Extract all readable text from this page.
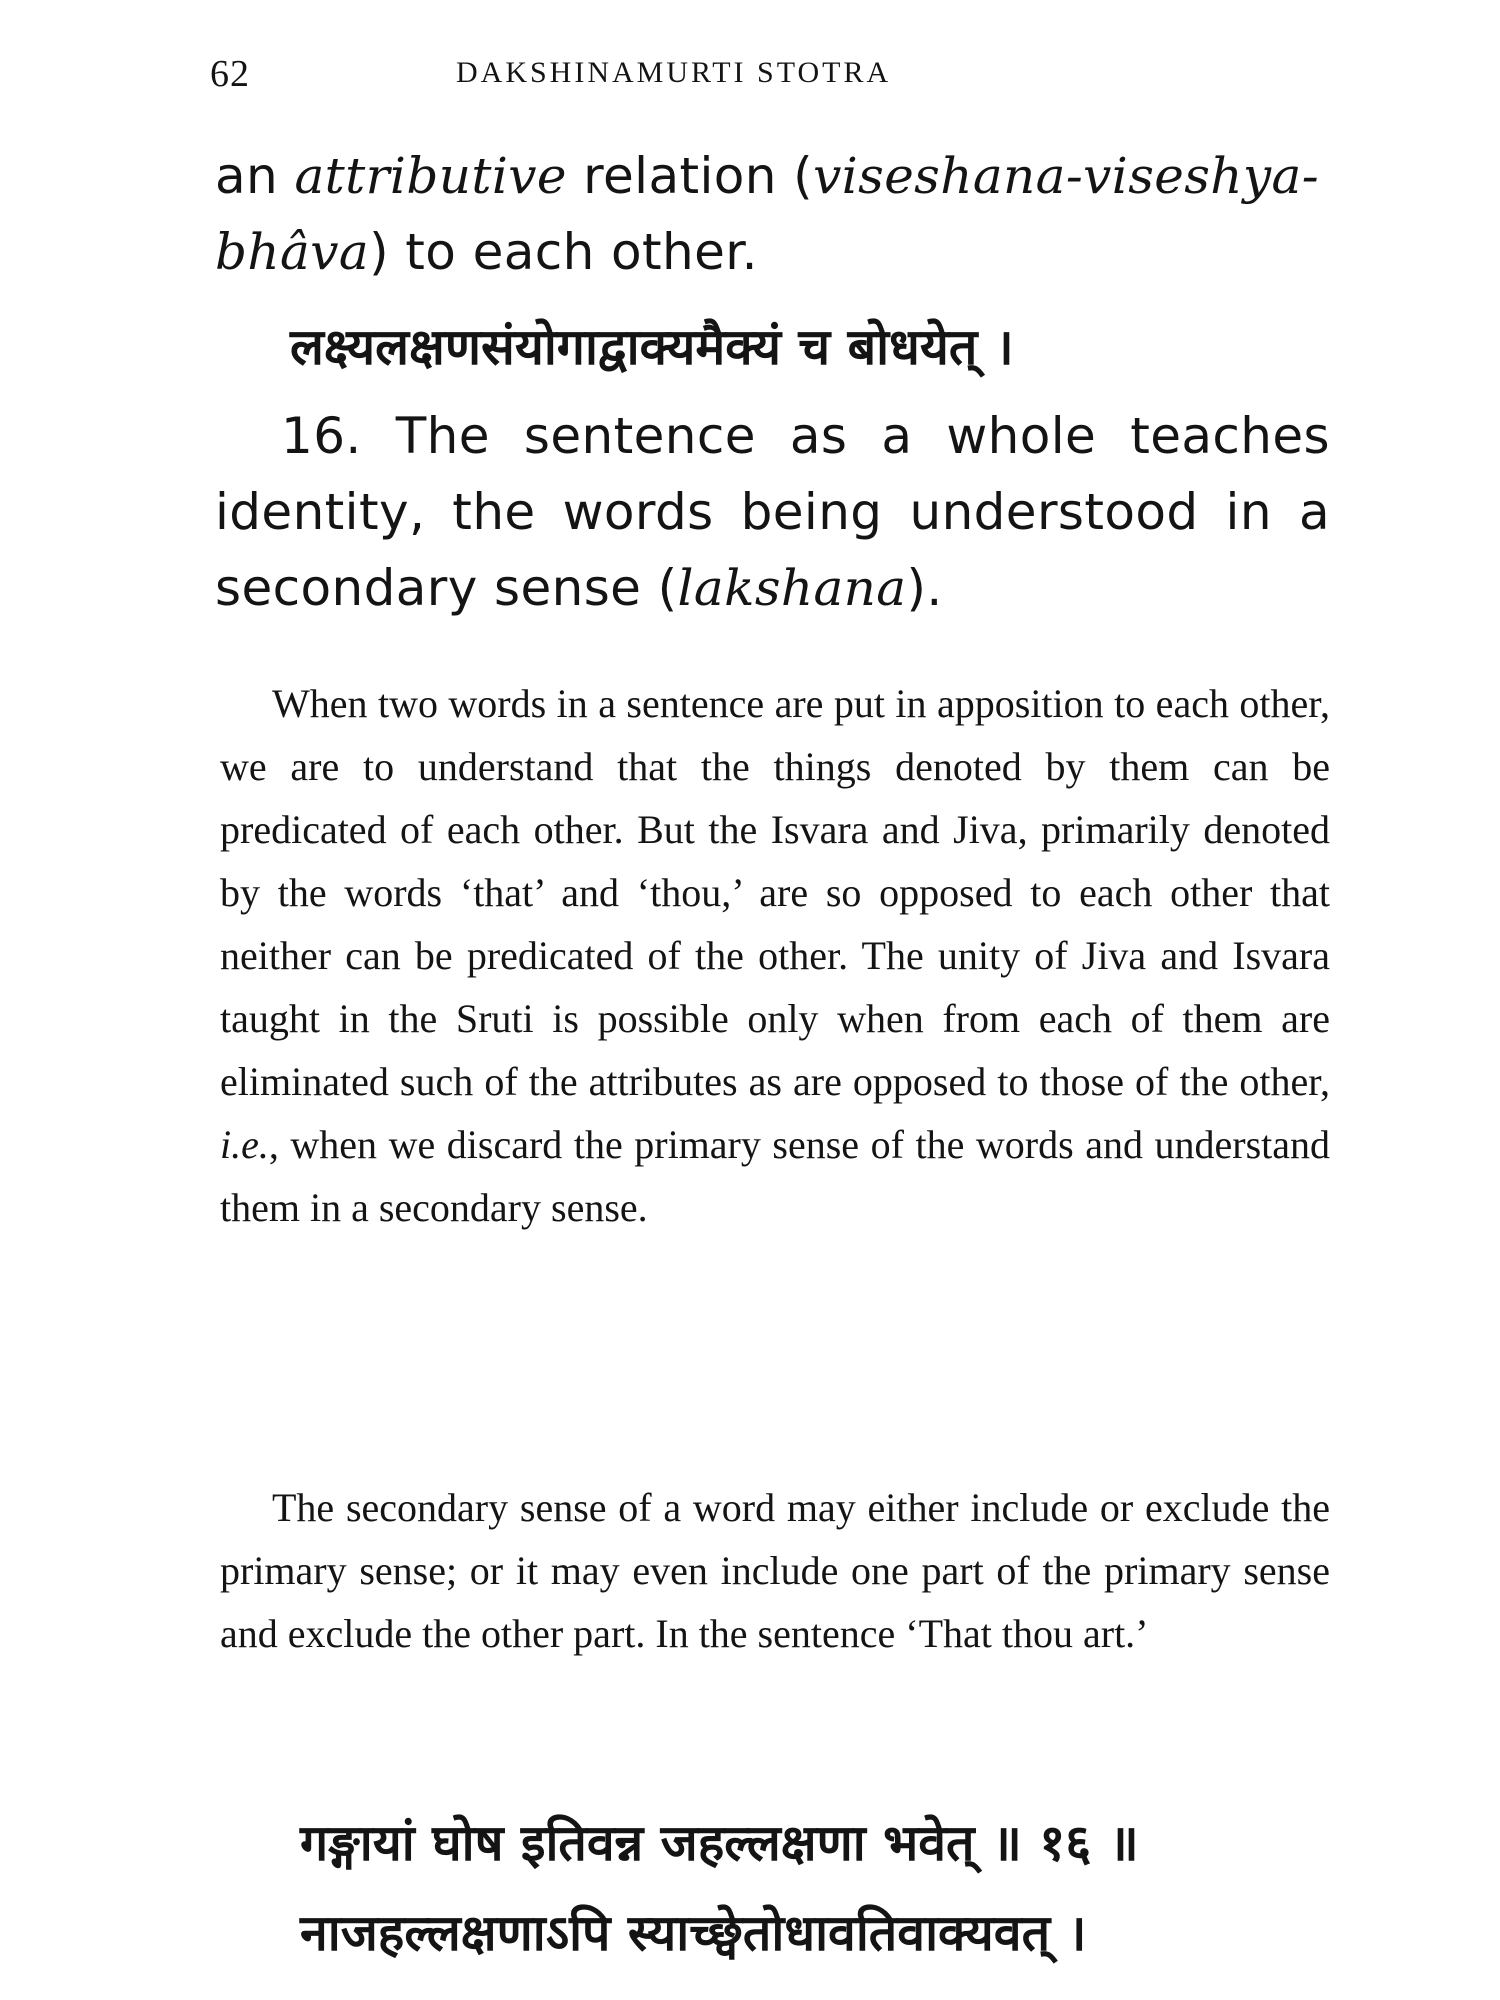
62	DAKSHINAMURTI STOTRA
an attributive relation (viseshana-viseshya-bhâva) to each other.
लक्ष्यलक्षणसंयोगाद्वाक्यमैक्यं च बोधयेत् ।
16. The sentence as a whole teaches identity, the words being understood in a secondary sense (lakshana).
When two words in a sentence are put in apposition to each other, we are to understand that the things denoted by them can be predicated of each other. But the Isvara and Jiva, primarily denoted by the words ‘that’ and ‘thou,’ are so opposed to each other that neither can be predicated of the other. The unity of Jiva and Isvara taught in the Sruti is possible only when from each of them are eliminated such of the attributes as are opposed to those of the other, i.e., when we discard the primary sense of the words and understand them in a secondary sense.
The secondary sense of a word may either include or exclude the primary sense; or it may even include one part of the primary sense and exclude the other part. In the sentence ‘That thou art.’
गङ्गायां घोष इतिवन्न जहल्लक्षणा भवेत् ॥ १६ ॥
नाजहल्लक्षणाऽपि स्याच्छ्वेतोधावतिवाक्यवत् ।
